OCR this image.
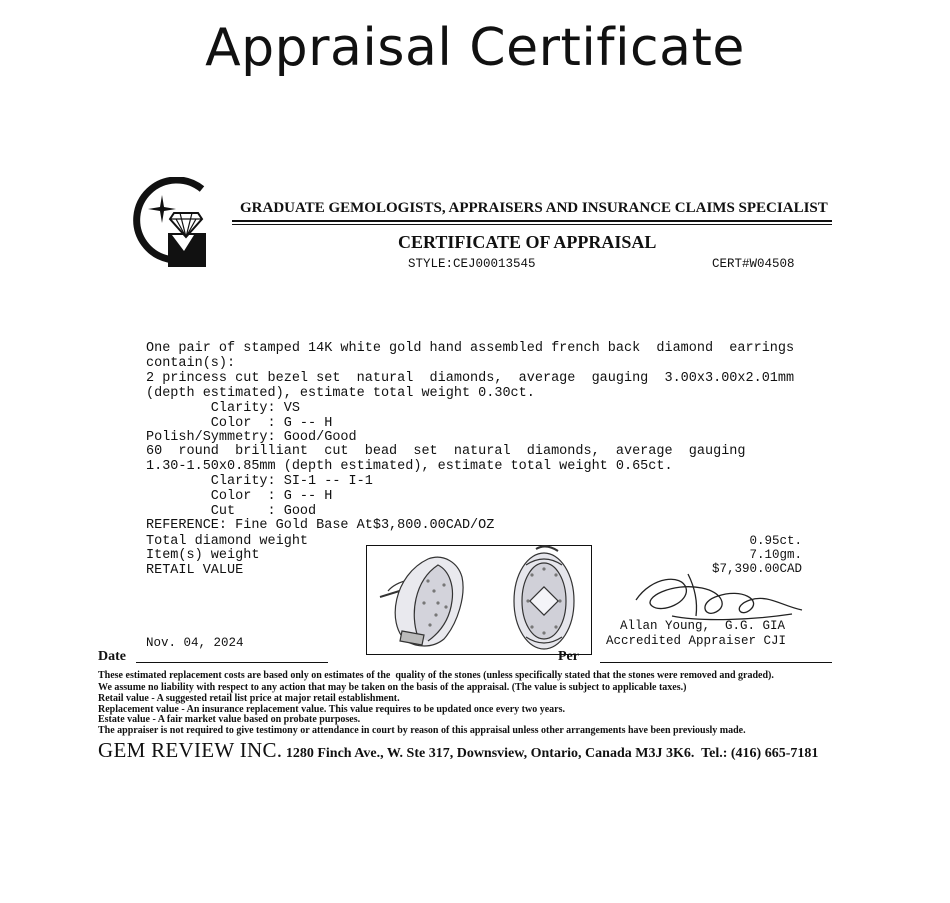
Appraisal Certificate
GRADUATE GEMOLOGISTS, APPRAISERS AND INSURANCE CLAIMS SPECIALIST
CERTIFICATE OF APPRAISAL
STYLE:CEJ00013545	CERT#W04508
One pair of stamped 14K white gold hand assembled french back  diamond  earrings
contain(s):
2 princess cut bezel set  natural  diamonds,  average  gauging  3.00x3.00x2.01mm
(depth estimated), estimate total weight 0.30ct.
Clarity: VS
Color  : G -- H
Polish/Symmetry: Good/Good
60  round  brilliant  cut  bead  set  natural  diamonds,  average  gauging
1.30-1.50x0.85mm (depth estimated), estimate total weight 0.65ct.
Clarity: SI-1 -- I-1
Color  : G -- H
Cut    : Good
REFERENCE: Fine Gold Base At$3,800.00CAD/OZ
Total diamond weight
Item(s) weight
RETAIL VALUE
0.95ct.
7.10gm.
$7,390.00CAD
Allan Young,  G.G. GIA
Accredited Appraiser CJI
Nov. 04, 2024
Date	Per
These estimated replacement costs are based only on estimates of the  quality of the stones (unless specifically stated that the stones were removed and graded).
We assume no liability with respect to any action that may be taken on the basis of the appraisal. (The value is subject to applicable taxes.)
Retail value - A suggested retail list price at major retail establishment.
Replacement value - An insurance replacement value. This value requires to be updated once every two years.
Estate value - A fair market value based on probate purposes.
The appraiser is not required to give testimony or attendance in court by reason of this appraisal unless other arrangements have been previously made.
GEM REVIEW INC. 1280 Finch Ave., W. Ste 317, Downsview, Ontario, Canada M3J 3K6.  Tel.: (416) 665-7181
